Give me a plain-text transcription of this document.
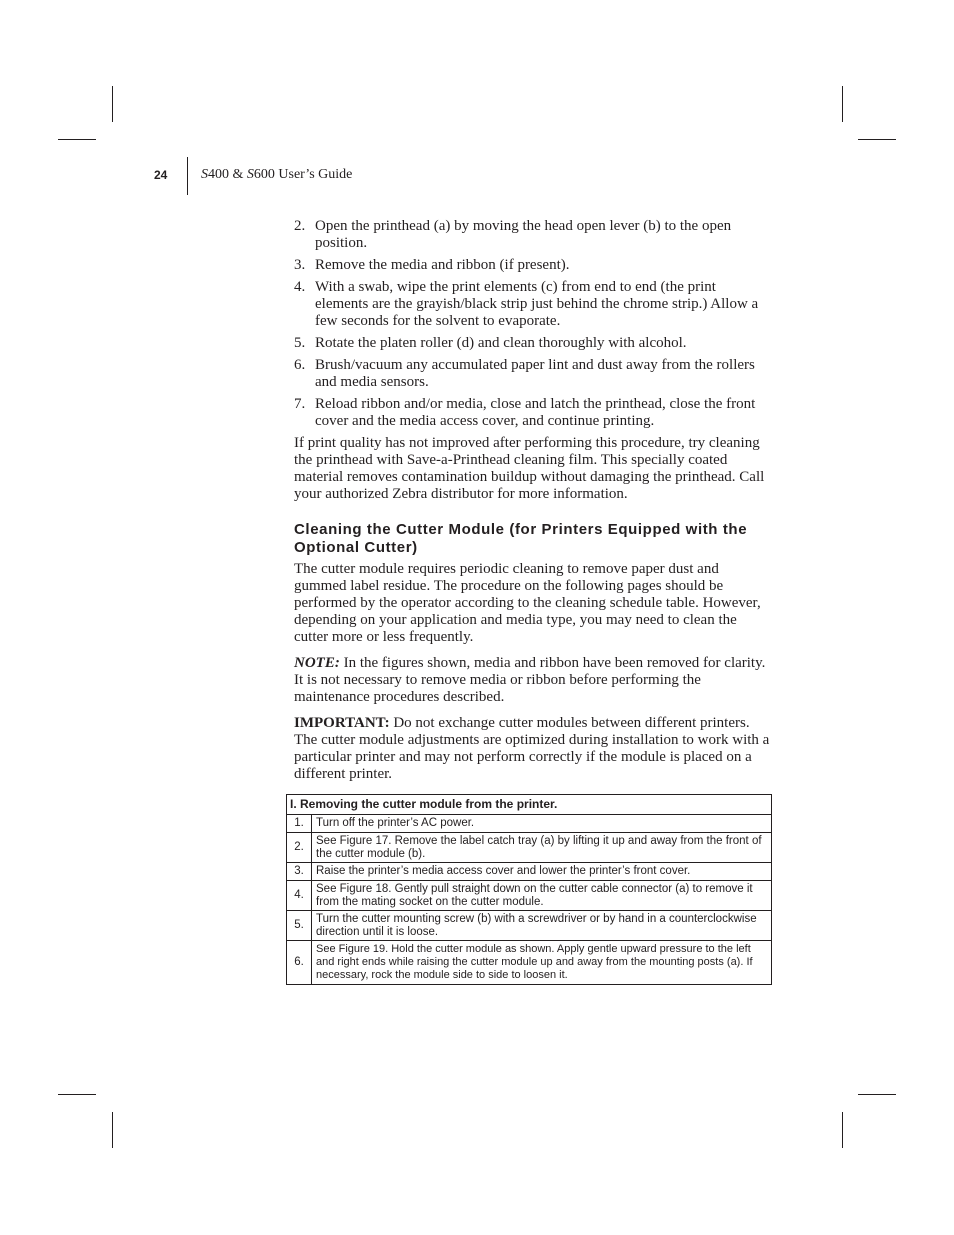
24 S400 & S600 User’s Guide
2. Open the printhead (a) by moving the head open lever (b) to the open position.
3. Remove the media and ribbon (if present).
4. With a swab, wipe the print elements (c) from end to end (the print elements are the grayish/black strip just behind the chrome strip.) Allow a few seconds for the solvent to evaporate.
5. Rotate the platen roller (d) and clean thoroughly with alcohol.
6. Brush/vacuum any accumulated paper lint and dust away from the rollers and media sensors.
7. Reload ribbon and/or media, close and latch the printhead, close the front cover and the media access cover, and continue printing.

If print quality has not improved after performing this procedure, try cleaning the printhead with Save-a-Printhead cleaning film. This specially coated material removes contamination buildup without damaging the printhead. Call your authorized Zebra distributor for more information.

Cleaning the Cutter Module (for Printers Equipped with the Optional Cutter)

The cutter module requires periodic cleaning to remove paper dust and gummed label residue. The procedure on the following pages should be performed by the operator according to the cleaning schedule table. However, depending on your application and media type, you may need to clean the cutter more or less frequently.

NOTE: In the figures shown, media and ribbon have been removed for clarity. It is not necessary to remove media or ribbon before performing the maintenance procedures described.

IMPORTANT: Do not exchange cutter modules between different printers. The cutter module adjustments are optimized during installation to work with a particular printer and may not perform correctly if the module is placed on a different printer.

I. Removing the cutter module from the printer.	
1.	Turn off the printer’s AC power.
2.	See Figure 17. Remove the label catch tray (a) by lifting it up and away from the front of the cutter module (b).
3.	Raise the printer’s media access cover and lower the printer’s front cover.
4.	See Figure 18. Gently pull straight down on the cutter cable connector (a) to remove it from the mating socket on the cutter module.
5.	Turn the cutter mounting screw (b) with a screwdriver or by hand in a counterclockwise direction until it is loose.
6.	See Figure 19. Hold the cutter module as shown. Apply gentle upward pressure to the left and right ends while raising the cutter module up and away from the mounting posts (a). If necessary, rock the module side to side to loosen it.
